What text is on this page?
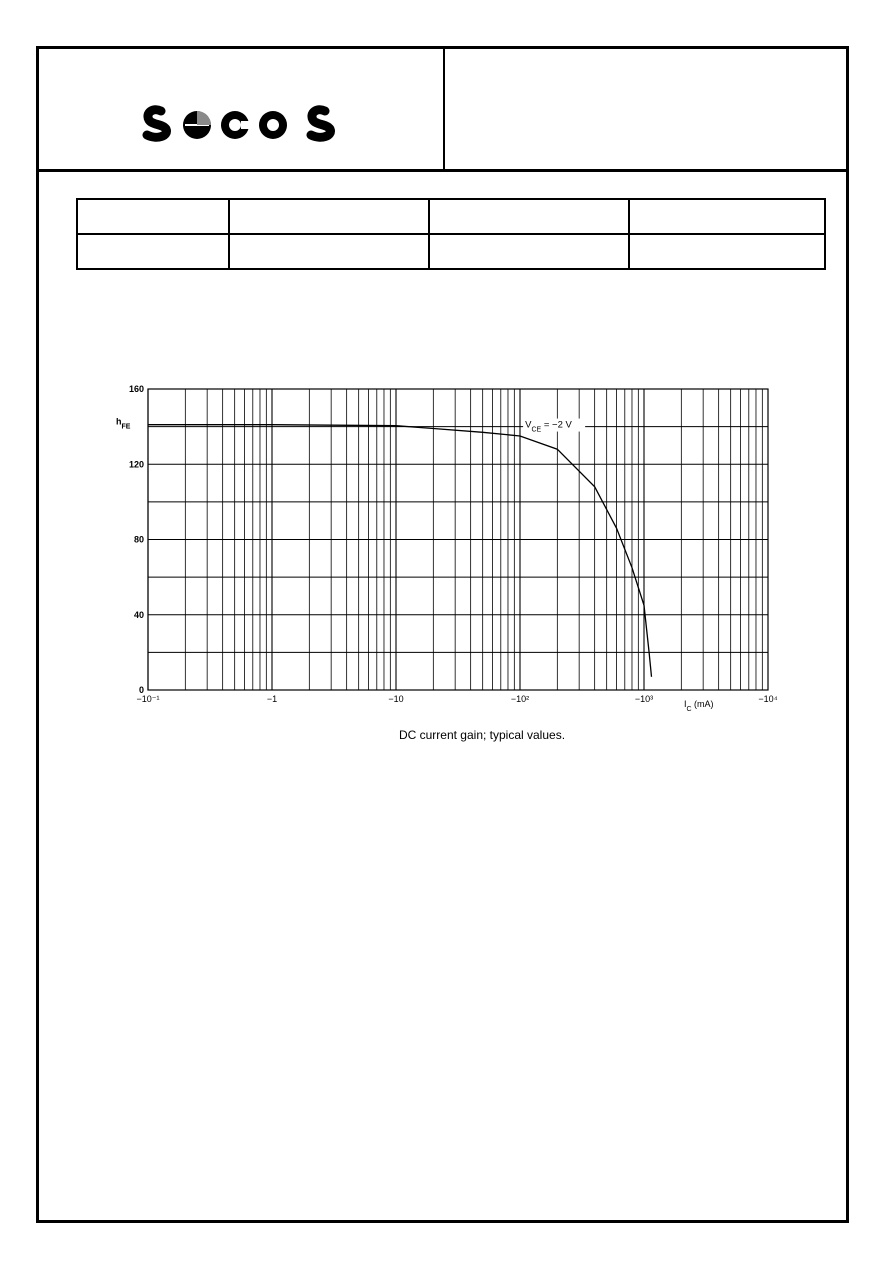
0
40
80
120
160
−10⁻¹	−1	−10	−10²	−10³	−10⁴
$h_{FE}$
$I_C$ (mA)
$V_{CE} = -2$ V
DC current gain; typical values.
